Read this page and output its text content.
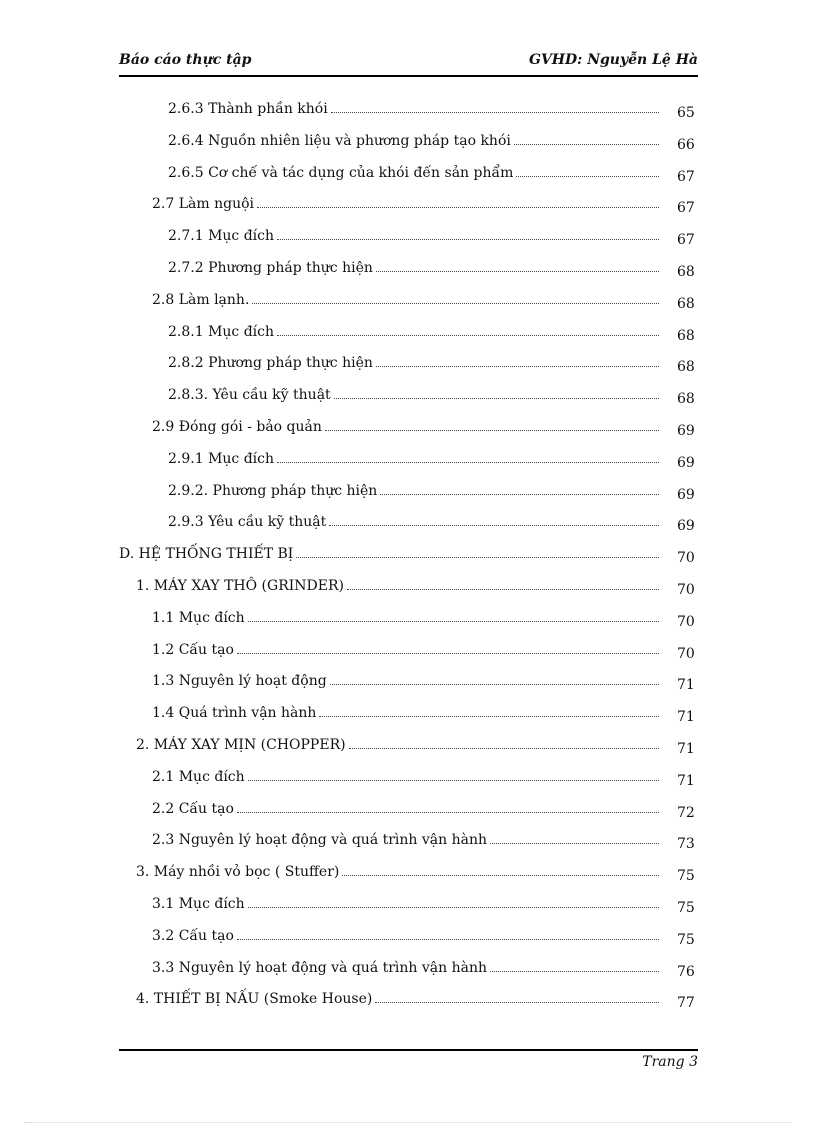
Báo cáo thực tập	GVHD: Nguyễn Lệ Hà
2.6.3 Thành phần khói	65
2.6.4 Nguồn nhiên liệu và phương pháp tạo khói	66
2.6.5 Cơ chế và tác dụng của khói đến sản phẩm	67
2.7 Làm nguội	67
2.7.1 Mục đích	67
2.7.2 Phương pháp thực hiện	68
2.8 Làm lạnh.	68
2.8.1 Mục đích	68
2.8.2 Phương pháp thực hiện	68
2.8.3. Yêu cầu kỹ thuật	68
2.9 Đóng gói - bảo quản	69
2.9.1 Mục đích	69
2.9.2. Phương pháp thực hiện	69
2.9.3 Yêu cầu kỹ thuật	69
D. HỆ THỐNG THIẾT BỊ	70
1. MÁY XAY THÔ (GRINDER)	70
1.1 Mục đích	70
1.2 Cấu tạo	70
1.3 Nguyên lý hoạt động	71
1.4 Quá trình vận hành	71
2. MÁY XAY MỊN (CHOPPER)	71
2.1 Mục đích	71
2.2 Cấu tạo	72
2.3 Nguyên lý hoạt động và quá trình vận hành	73
3. Máy nhồi vỏ bọc ( Stuffer)	75
3.1 Mục đích	75
3.2 Cấu tạo	75
3.3 Nguyên lý hoạt động và quá trình vận hành	76
4. THIẾT BỊ NẤU (Smoke House)	77
Trang 3
